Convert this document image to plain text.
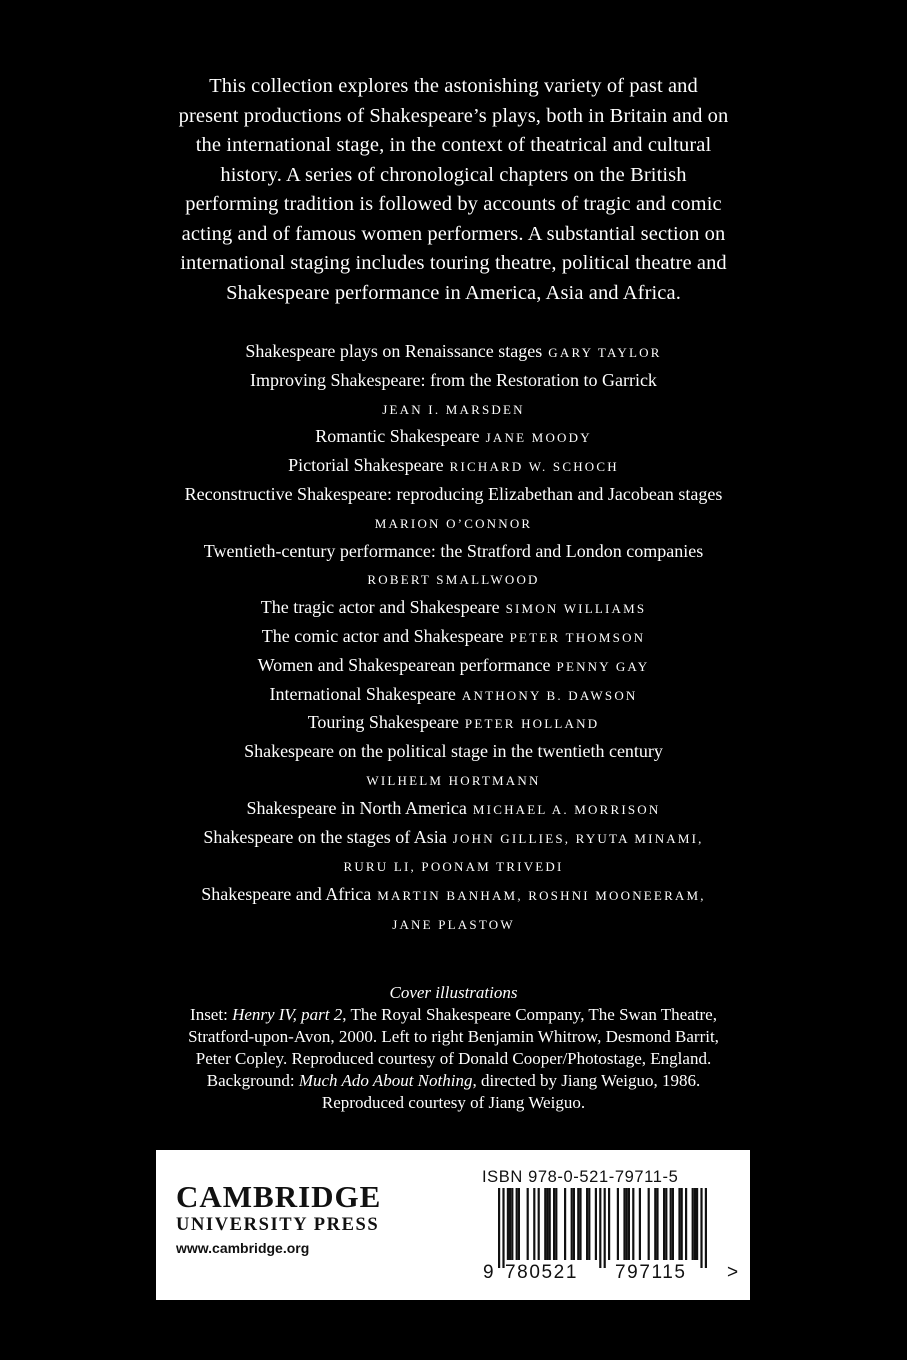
This collection explores the astonishing variety of past and
present productions of Shakespeare’s plays, both in Britain and on
the international stage, in the context of theatrical and cultural
history. A series of chronological chapters on the British
performing tradition is followed by accounts of tragic and comic
acting and of famous women performers. A substantial section on
international staging includes touring theatre, political theatre and
Shakespeare performance in America, Asia and Africa.
Shakespeare plays on Renaissance stages GARY TAYLOR
Improving Shakespeare: from the Restoration to Garrick
JEAN I. MARSDEN
Romantic Shakespeare JANE MOODY
Pictorial Shakespeare RICHARD W. SCHOCH
Reconstructive Shakespeare: reproducing Elizabethan and Jacobean stages
MARION O’CONNOR
Twentieth-century performance: the Stratford and London companies
ROBERT SMALLWOOD
The tragic actor and Shakespeare SIMON WILLIAMS
The comic actor and Shakespeare PETER THOMSON
Women and Shakespearean performance PENNY GAY
International Shakespeare ANTHONY B. DAWSON
Touring Shakespeare PETER HOLLAND
Shakespeare on the political stage in the twentieth century
WILHELM HORTMANN
Shakespeare in North America MICHAEL A. MORRISON
Shakespeare on the stages of Asia JOHN GILLIES, RYUTA MINAMI,
RURU LI, POONAM TRIVEDI
Shakespeare and Africa MARTIN BANHAM, ROSHNI MOONEERAM,
JANE PLASTOW
Cover illustrations
Inset: Henry IV, part 2, The Royal Shakespeare Company, The Swan Theatre,
Stratford-upon-Avon, 2000. Left to right Benjamin Whitrow, Desmond Barrit,
Peter Copley. Reproduced courtesy of Donald Cooper/Photostage, England.
Background: Much Ado About Nothing, directed by Jiang Weiguo, 1986.
Reproduced courtesy of Jiang Weiguo.
CAMBRIDGE
UNIVERSITY PRESS
www.cambridge.org
ISBN 978-0-521-79711-5
9 780521 797115 >
